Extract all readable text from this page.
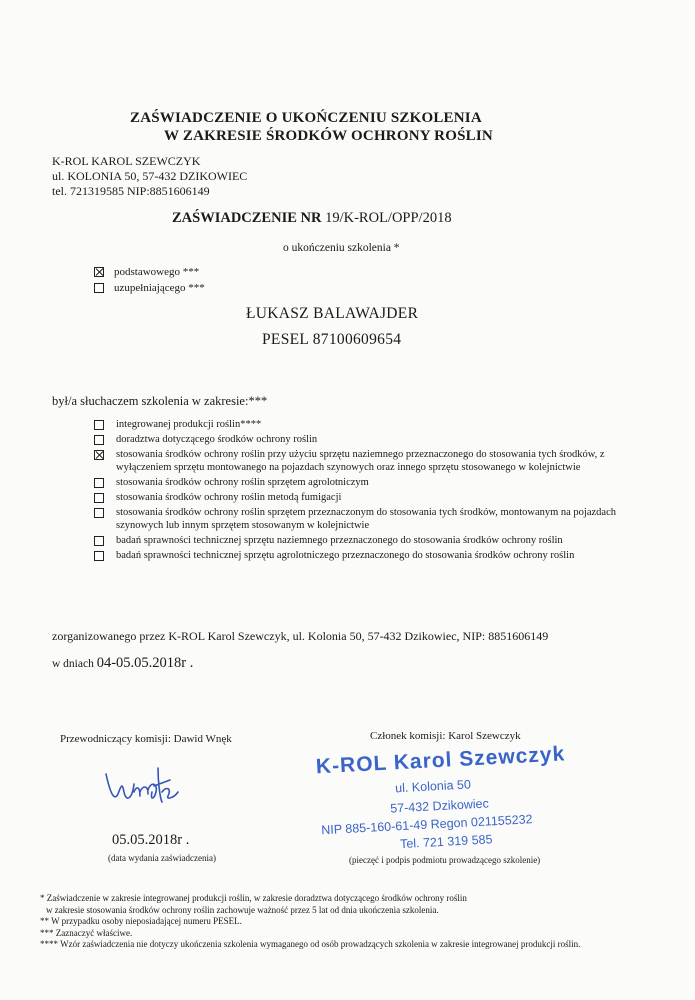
ZAŚWIADCZENIE O UKOŃCZENIU SZKOLENIA
W ZAKRESIE ŚRODKÓW OCHRONY ROŚLIN
K-ROL KAROL SZEWCZYK
ul. KOLONIA 50, 57-432 DZIKOWIEC
tel. 721319585 NIP:8851606149
ZAŚWIADCZENIE NR 19/K-ROL/OPP/2018
o ukończeniu szkolenia *
podstawowego ***
uzupełniającego ***
ŁUKASZ BALAWAJDER
PESEL 87100609654
był/a słuchaczem szkolenia w zakresie:***
integrowanej produkcji roślin****
doradztwa dotyczącego środków ochrony roślin
stosowania środków ochrony roślin przy użyciu sprzętu naziemnego przeznaczonego do stosowania tych środków, z wyłączeniem sprzętu montowanego na pojazdach szynowych oraz innego sprzętu stosowanego w kolejnictwie
stosowania środków ochrony roślin sprzętem agrolotniczym
stosowania środków ochrony roślin metodą fumigacji
stosowania środków ochrony roślin sprzętem przeznaczonym do stosowania tych środków, montowanym na pojazdach szynowych lub innym sprzętem stosowanym w kolejnictwie
badań sprawności technicznej sprzętu naziemnego przeznaczonego do stosowania środków ochrony roślin
badań sprawności technicznej sprzętu agrolotniczego przeznaczonego do stosowania środków ochrony roślin
zorganizowanego przez K-ROL Karol Szewczyk, ul. Kolonia 50, 57-432 Dzikowiec, NIP: 8851606149
w dniach 04-05.05.2018r .
Przewodniczący komisji: Dawid Wnęk	Członek komisji: Karol Szewczyk
K-ROL Karol Szewczyk
ul. Kolonia 50
57-432 Dzikowiec
NIP 885-160-61-49 Regon 021155232
Tel. 721 319 585
05.05.2018r .
(data wydania zaświadczenia)	(pieczęć i podpis podmiotu prowadzącego szkolenie)
* Zaświadczenie w zakresie integrowanej produkcji roślin, w zakresie doradztwa dotyczącego środków ochrony roślin
w zakresie stosowania środków ochrony roślin zachowuje ważność przez 5 lat od dnia ukończenia szkolenia.
** W przypadku osoby nieposiadającej numeru PESEL.
*** Zaznaczyć właściwe.
**** Wzór zaświadczenia nie dotyczy ukończenia szkolenia wymaganego od osób prowadzących szkolenia w zakresie integrowanej produkcji roślin.
